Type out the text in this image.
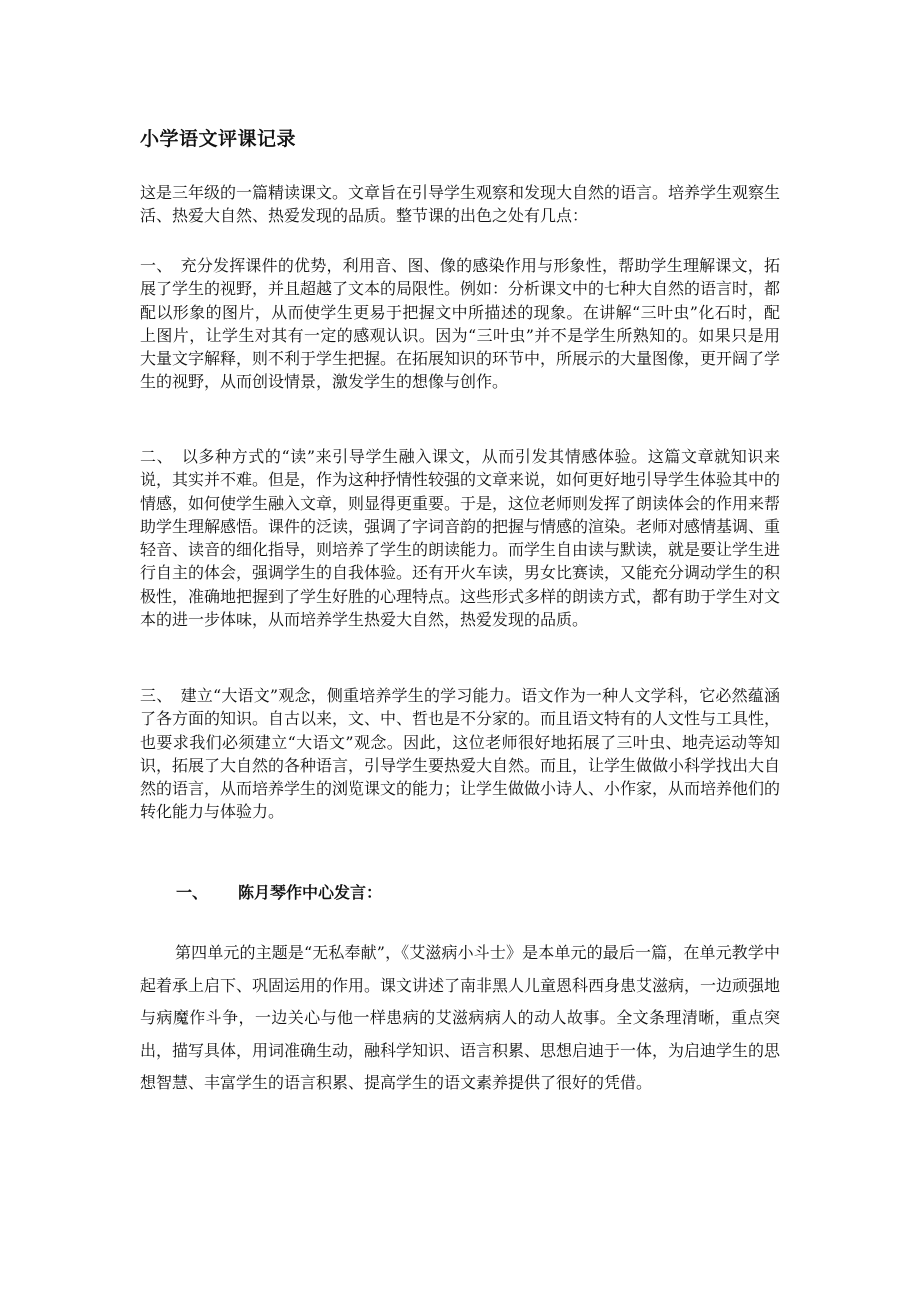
小学语文评课记录

这是三年级的一篇精读课文。文章旨在引导学生观察和发现大自然的语言。培养学生观察生活、热爱大自然、热爱发现的品质。整节课的出色之处有几点：

一、　充分发挥课件的优势，利用音、图、像的感染作用与形象性，帮助学生理解课文，拓展了学生的视野，并且超越了文本的局限性。例如：分析课文中的七种大自然的语言时，都配以形象的图片，从而使学生更易于把握文中所描述的现象。在讲解“三叶虫”化石时，配上图片，让学生对其有一定的感观认识。因为“三叶虫”并不是学生所熟知的。如果只是用大量文字解释，则不利于学生把握。在拓展知识的环节中，所展示的大量图像，更开阔了学生的视野，从而创设情景，激发学生的想像与创作。

二、　以多种方式的“读”来引导学生融入课文，从而引发其情感体验。这篇文章就知识来说，其实并不难。但是，作为这种抒情性较强的文章来说，如何更好地引导学生体验其中的情感，如何使学生融入文章，则显得更重要。于是，这位老师则发挥了朗读体会的作用来帮助学生理解感悟。课件的泛读，强调了字词音韵的把握与情感的渲染。老师对感情基调、重轻音、读音的细化指导，则培养了学生的朗读能力。而学生自由读与默读，就是要让学生进行自主的体会，强调学生的自我体验。还有开火车读，男女比赛读，又能充分调动学生的积极性，准确地把握到了学生好胜的心理特点。这些形式多样的朗读方式，都有助于学生对文本的进一步体味，从而培养学生热爱大自然，热爱发现的品质。

三、　建立“大语文”观念，侧重培养学生的学习能力。语文作为一种人文学科，它必然蕴涵了各方面的知识。自古以来，文、中、哲也是不分家的。而且语文特有的人文性与工具性，也要求我们必须建立“大语文”观念。因此，这位老师很好地拓展了三叶虫、地壳运动等知识，拓展了大自然的各种语言，引导学生要热爱大自然。而且，让学生做做小科学找出大自然的语言，从而培养学生的浏览课文的能力；让学生做做小诗人、小作家，从而培养他们的转化能力与体验力。

一、 陈月琴作中心发言：

第四单元的主题是“无私奉献”，《艾滋病小斗士》是本单元的最后一篇，在单元教学中起着承上启下、巩固运用的作用。课文讲述了南非黑人儿童恩科西身患艾滋病，一边顽强地与病魔作斗争，一边关心与他一样患病的艾滋病病人的动人故事。全文条理清晰，重点突出，描写具体，用词准确生动，融科学知识、语言积累、思想启迪于一体，为启迪学生的思想智慧、丰富学生的语言积累、提高学生的语文素养提供了很好的凭借。
